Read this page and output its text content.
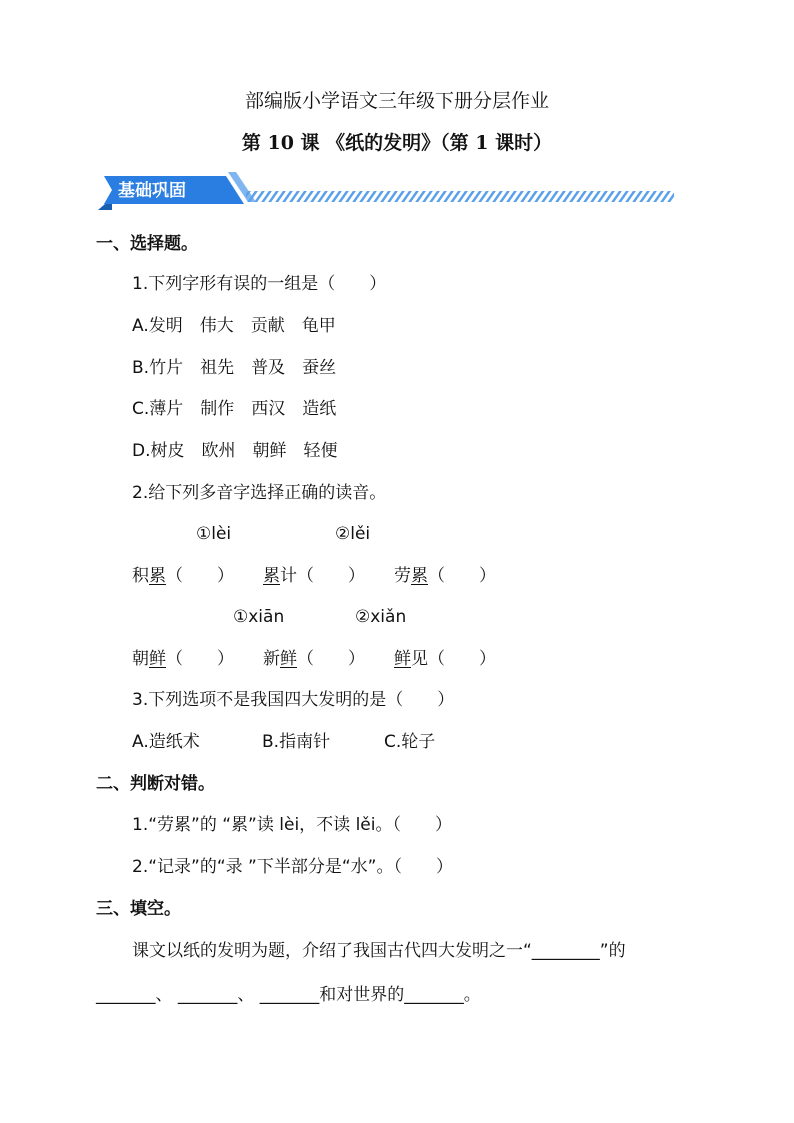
部编版小学语文三年级下册分层作业
第 10 课 《纸的发明》（第 1 课时）
基础巩固
一、选择题。
1.下列字形有误的一组是（　　）
A.发明　伟大　贡献　龟甲
B.竹片　祖先　普及　蚕丝
C.薄片　制作　西汉　造纸
D.树皮　欧州　朝鲜　轻便
2.给下列多音字选择正确的读音。
①lèi	②lěi
积累（　　） 累计（　　） 劳累（　　）
①xiān	②xiǎn
朝鲜（　　） 新鲜（　　） 鲜见（　　）
3.下列选项不是我国四大发明的是（　　）
A.造纸术	B.指南针	C.轮子
二、判断对错。
1.“劳累”的 “累”读 lèi，不读 lěi。（　　）
2.“记录”的“录 ”下半部分是“水”。（　　）
三、填空。
课文以纸的发明为题，介绍了我国古代四大发明之一“________”的
_______、 _______、 _______和对世界的_______。
